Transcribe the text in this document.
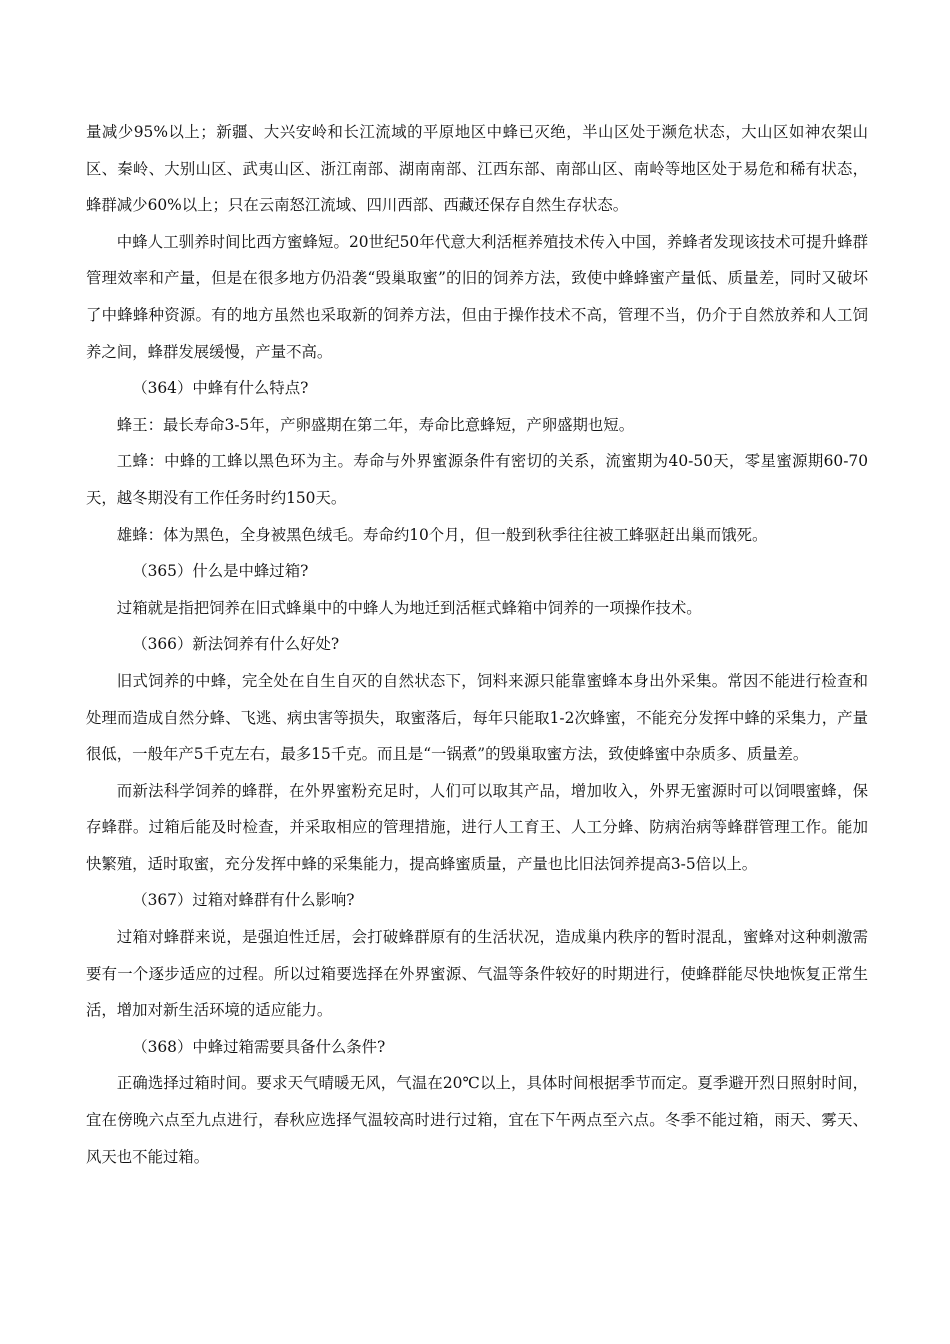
量减少95%以上；新疆、大兴安岭和长江流域的平原地区中蜂已灭绝，半山区处于濒危状态，大山区如神农架山区、秦岭、大别山区、武夷山区、浙江南部、湖南南部、江西东部、南部山区、南岭等地区处于易危和稀有状态，蜂群减少60%以上；只在云南怒江流域、四川西部、西藏还保存自然生存状态。

中蜂人工驯养时间比西方蜜蜂短。20世纪50年代意大利活框养殖技术传入中国，养蜂者发现该技术可提升蜂群管理效率和产量，但是在很多地方仍沿袭“毁巢取蜜”的旧的饲养方法，致使中蜂蜂蜜产量低、质量差，同时又破坏了中蜂蜂种资源。有的地方虽然也采取新的饲养方法，但由于操作技术不高，管理不当，仍介于自然放养和人工饲养之间，蜂群发展缓慢，产量不高。

（364）中蜂有什么特点?

蜂王：最长寿命3-5年，产卵盛期在第二年，寿命比意蜂短，产卵盛期也短。

工蜂：中蜂的工蜂以黑色环为主。寿命与外界蜜源条件有密切的关系，流蜜期为40-50天，零星蜜源期60-70天，越冬期没有工作任务时约150天。

雄蜂：体为黑色，全身被黑色绒毛。寿命约10个月，但一般到秋季往往被工蜂驱赶出巢而饿死。

（365）什么是中蜂过箱?

过箱就是指把饲养在旧式蜂巢中的中蜂人为地迁到活框式蜂箱中饲养的一项操作技术。

（366）新法饲养有什么好处?

旧式饲养的中蜂，完全处在自生自灭的自然状态下，饲料来源只能靠蜜蜂本身出外采集。常因不能进行检查和处理而造成自然分蜂、飞逃、病虫害等损失，取蜜落后，每年只能取1-2次蜂蜜，不能充分发挥中蜂的采集力，产量很低，一般年产5千克左右，最多15千克。而且是“一锅煮”的毁巢取蜜方法，致使蜂蜜中杂质多、质量差。

而新法科学饲养的蜂群，在外界蜜粉充足时，人们可以取其产品，增加收入，外界无蜜源时可以饲喂蜜蜂，保存蜂群。过箱后能及时检查，并采取相应的管理措施，进行人工育王、人工分蜂、防病治病等蜂群管理工作。能加快繁殖，适时取蜜，充分发挥中蜂的采集能力，提高蜂蜜质量，产量也比旧法饲养提高3-5倍以上。

（367）过箱对蜂群有什么影响?

过箱对蜂群来说，是强迫性迁居，会打破蜂群原有的生活状况，造成巢内秩序的暂时混乱，蜜蜂对这种刺激需要有一个逐步适应的过程。所以过箱要选择在外界蜜源、气温等条件较好的时期进行，使蜂群能尽快地恢复正常生活，增加对新生活环境的适应能力。

（368）中蜂过箱需要具备什么条件?

正确选择过箱时间。要求天气晴暖无风，气温在20℃以上，具体时间根据季节而定。夏季避开烈日照射时间，宜在傍晚六点至九点进行，春秋应选择气温较高时进行过箱，宜在下午两点至六点。冬季不能过箱，雨天、雾天、风天也不能过箱。
